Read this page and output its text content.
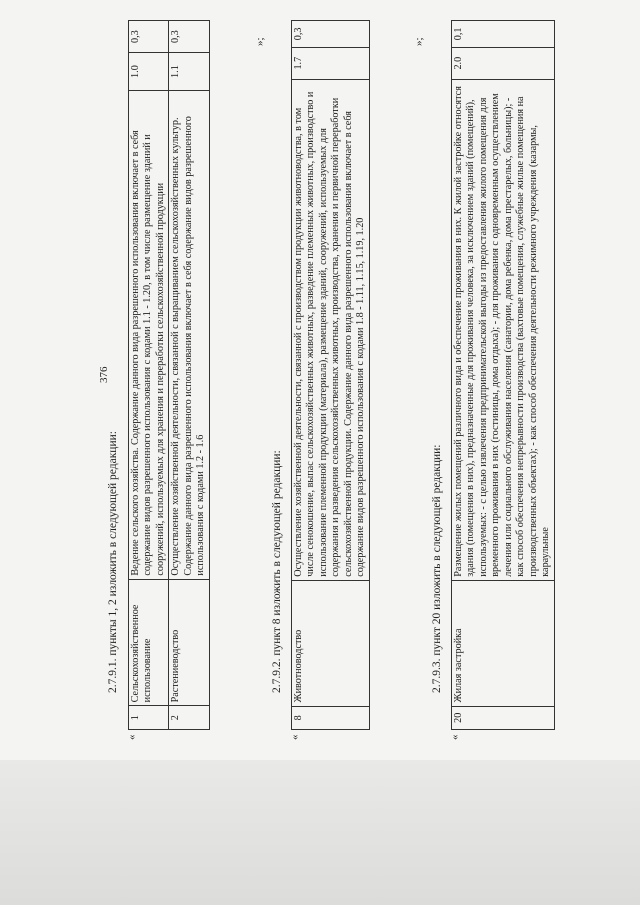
376
2.7.9.1. пункты 1, 2 изложить в следующей редакции:
«
1	Сельскохозяйственное использование	Ведение сельского хозяйства. Содержание данного вида разрешенного использования включает в себя содержание видов разрешенного использования с кодами 1.1 - 1.20, в том числе размещение зданий и сооружений, используемых для хранения и переработки сельскохозяйственной продукции	1.0	0,3
2	Растениеводство	Осуществление хозяйственной деятельности, связанной с выращиванием сельскохозяйственных культур. Содержание данного вида разрешенного использования включает в себя содержание видов разрешенного использования с кодами 1.2 - 1.6	1.1	0,3	»;
2.7.9.2. пункт 8 изложить в следующей редакции:
«
8	Животноводство	Осуществление хозяйственной деятельности, связанной с производством продукции животноводства, в том числе сенокошение, выпас сельскохозяйственных животных, разведение племенных животных, производство и использование племенной продукции (материала), размещение зданий, сооружений, используемых для содержания и разведения сельскохозяйственных животных, производства, хранения и первичной переработки сельскохозяйственной продукции. Содержание данного вида разрешенного использования включает в себя содержание видов разрешенного использования с кодами 1.8 - 1.11, 1.15, 1.19, 1.20	1.7	0,3
»;
2.7.9.3. пункт 20 изложить в следующей редакции:
«
20	Жилая застройка	Размещение жилых помещений различного вида и обеспечение проживания в них. К жилой застройке относятся здания (помещения в них), предназначенные для проживания человека, за исключением зданий (помещений), используемых: - с целью извлечения предпринимательской выгоды из предоставления жилого помещения для временного проживания в них (гостиницы, дома отдыха); - для проживания с одновременным осуществлением лечения или социального обслуживания населения (санатории, дома ребенка, дома престарелых, больницы); - как способ обеспечения непрерывности производства (вахтовые помещения, служебные жилые помещения на производственных объектах); - как способ обеспечения деятельности режимного учреждения (казармы, караульные	2.0	0,1
